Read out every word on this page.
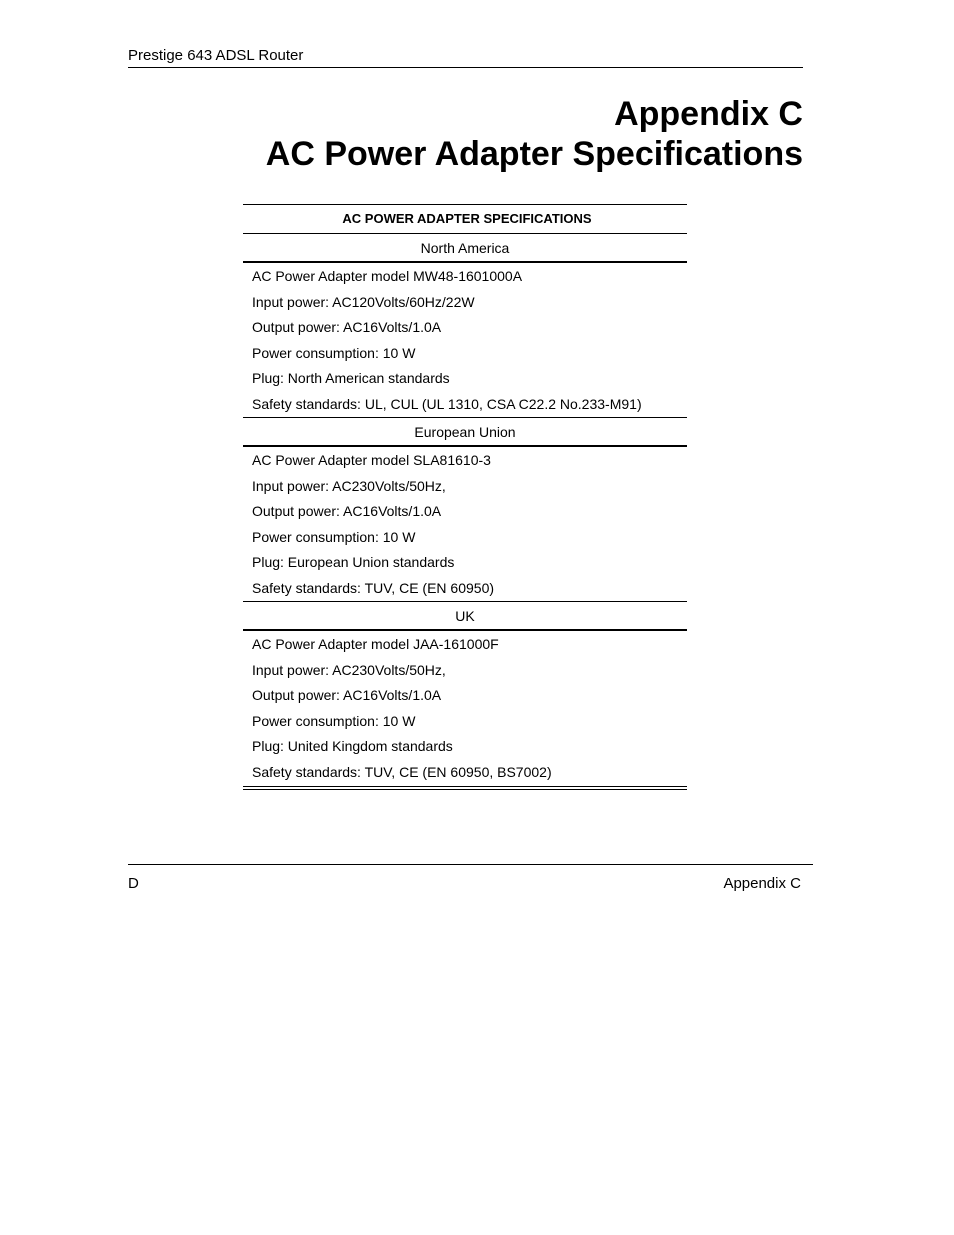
Prestige 643 ADSL Router
Appendix C
AC Power Adapter Specifications
AC POWER ADAPTER SPECIFICATIONS
North America
AC Power Adapter model MW48-1601000A
Input power: AC120Volts/60Hz/22W
Output power: AC16Volts/1.0A
Power consumption: 10 W
Plug: North American standards
Safety standards: UL, CUL (UL 1310, CSA C22.2 No.233-M91)
European Union
AC Power Adapter model SLA81610-3
Input power: AC230Volts/50Hz,
Output power: AC16Volts/1.0A
Power consumption: 10 W
Plug: European Union standards
Safety standards: TUV, CE (EN 60950)
UK
AC Power Adapter model JAA-161000F
Input power: AC230Volts/50Hz,
Output power: AC16Volts/1.0A
Power consumption: 10 W
Plug: United Kingdom standards
Safety standards: TUV, CE (EN 60950, BS7002)
D	Appendix C
